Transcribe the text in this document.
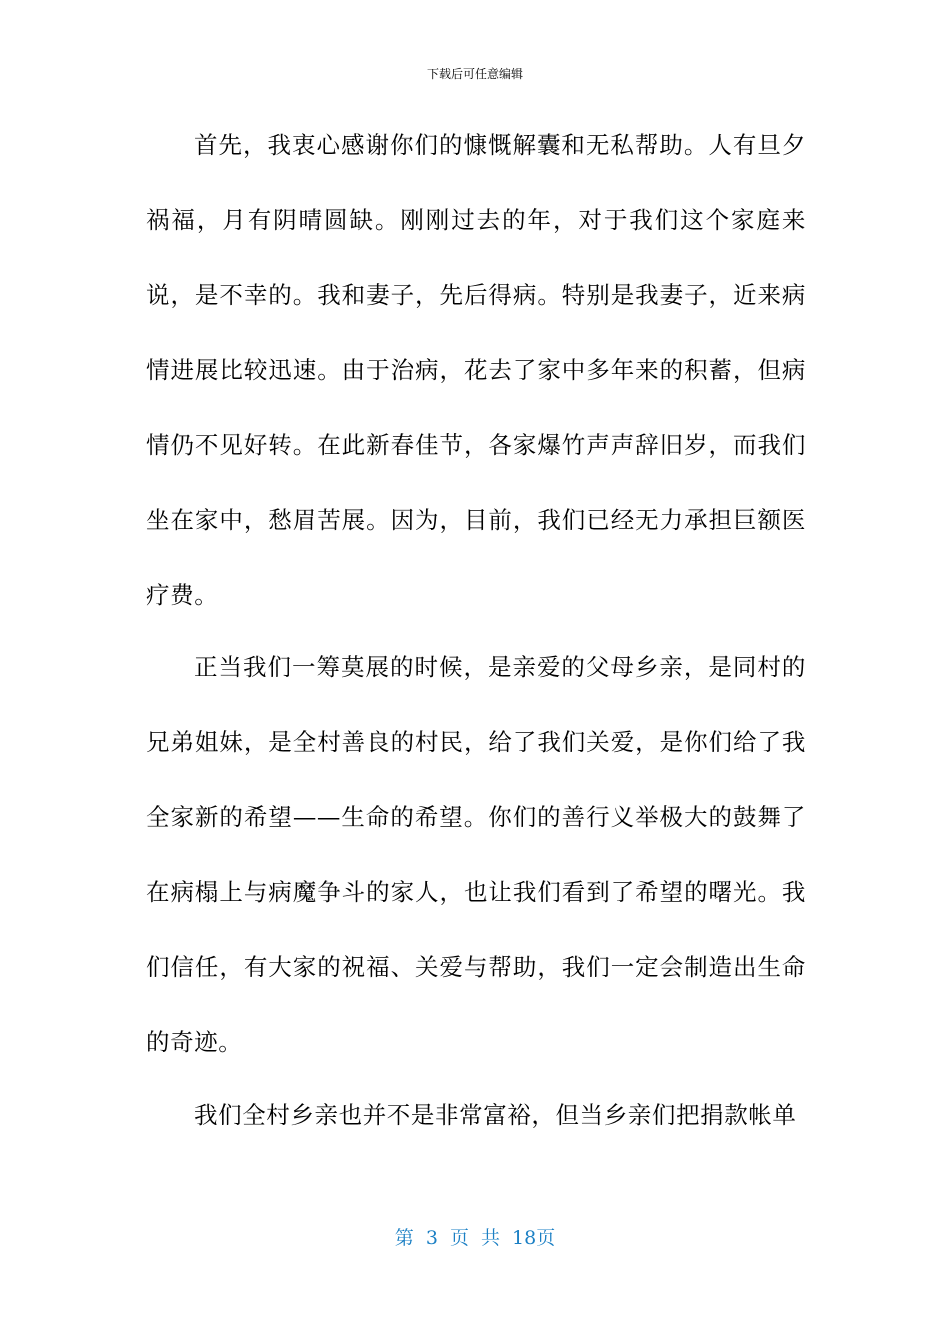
下载后可任意编辑

首先，我衷心感谢你们的慷慨解囊和无私帮助。人有旦夕祸福，月有阴晴圆缺。刚刚过去的年，对于我们这个家庭来说，是不幸的。我和妻子，先后得病。特别是我妻子，近来病情进展比较迅速。由于治病，花去了家中多年来的积蓄，但病情仍不见好转。在此新春佳节，各家爆竹声声辞旧岁，而我们坐在家中，愁眉苦展。因为，目前，我们已经无力承担巨额医疗费。

正当我们一筹莫展的时候，是亲爱的父母乡亲，是同村的兄弟姐妹，是全村善良的村民，给了我们关爱，是你们给了我全家新的希望——生命的希望。你们的善行义举极大的鼓舞了在病榻上与病魔争斗的家人，也让我们看到了希望的曙光。我们信任，有大家的祝福、关爱与帮助，我们一定会制造出生命的奇迹。

我们全村乡亲也并不是非常富裕，但当乡亲们把捐款帐单

第 3 页 共 18页
